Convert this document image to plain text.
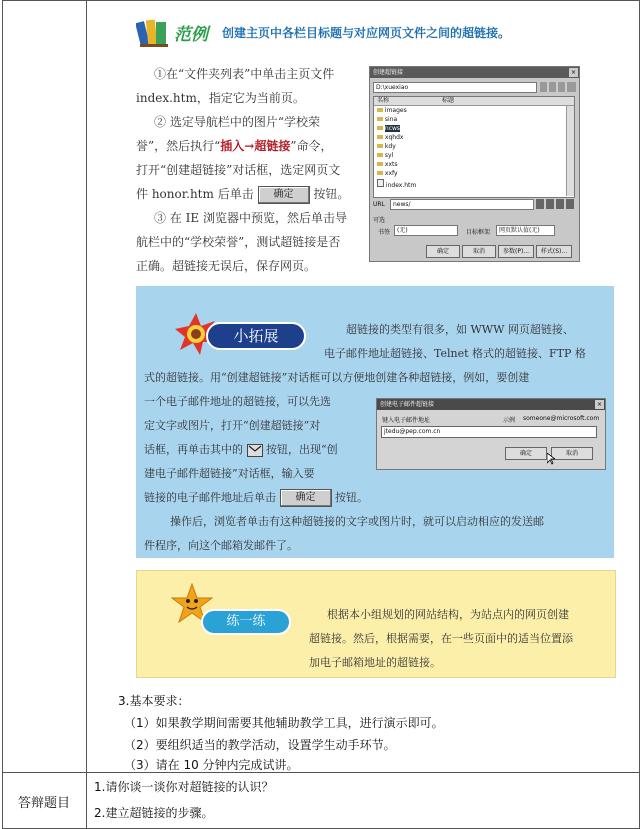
范例 创建主页中各栏目标题与对应网页文件之间的超链接。
①在“文件夹列表”中单击主页文件
index.htm，指定它为当前页。
② 选定导航栏中的图片“学校荣
誉”，然后执行“插入→超链接”命令，
打开“创建超链接”对话框，选定网页文
件 honor.htm 后单击 确定 按钮。
③ 在 IE 浏览器中预览，然后单击导
航栏中的“学校荣誉”，测试超链接是否
正确。超链接无误后，保存网页。
创建超链接	×
D:\xuexiao
名称	标题
images
sina
ncws
xqhdx
kdy
syl
xxts
xxfy
index.htm
URL	news/
可选
书签	(无)	目标框架	网页默认值(无)
确定	取消	参数(P)...	样式(S)...
小拓展	超链接的类型有很多，如 WWW 网页超链接、
电子邮件地址超链接、Telnet 格式的超链接、FTP 格
式的超链接。用“创建超链接”对话框可以方便地创建各种超链接，例如，要创建
一个电子邮件地址的超链接，可以先选
定文字或图片，打开“创建超链接”对
话框，再单击其中的 按钮，出现“创
建电子邮件超链接”对话框，输入要
链接的电子邮件地址后单击 确定 按钮。
操作后，浏览者单击有这种超链接的文字或图片时，就可以启动相应的发送邮
件程序，向这个邮箱发邮件了。
创建电子邮件超链接	×
键入电子邮件地址	示例 someone@microsoft.com
jtedu@pep.com.cn
确定	取消
练一练	根据本小组规划的网站结构，为站点内的网页创建
超链接。然后，根据需要，在一些页面中的适当位置添
加电子邮箱地址的超链接。
3.基本要求：
（1）如果教学期间需要其他辅助教学工具，进行演示即可。
（2）要组织适当的教学活动，设置学生动手环节。
（3）请在 10 分钟内完成试讲。
答辩题目
1.请你谈一谈你对超链接的认识？
2.建立超链接的步骤。
